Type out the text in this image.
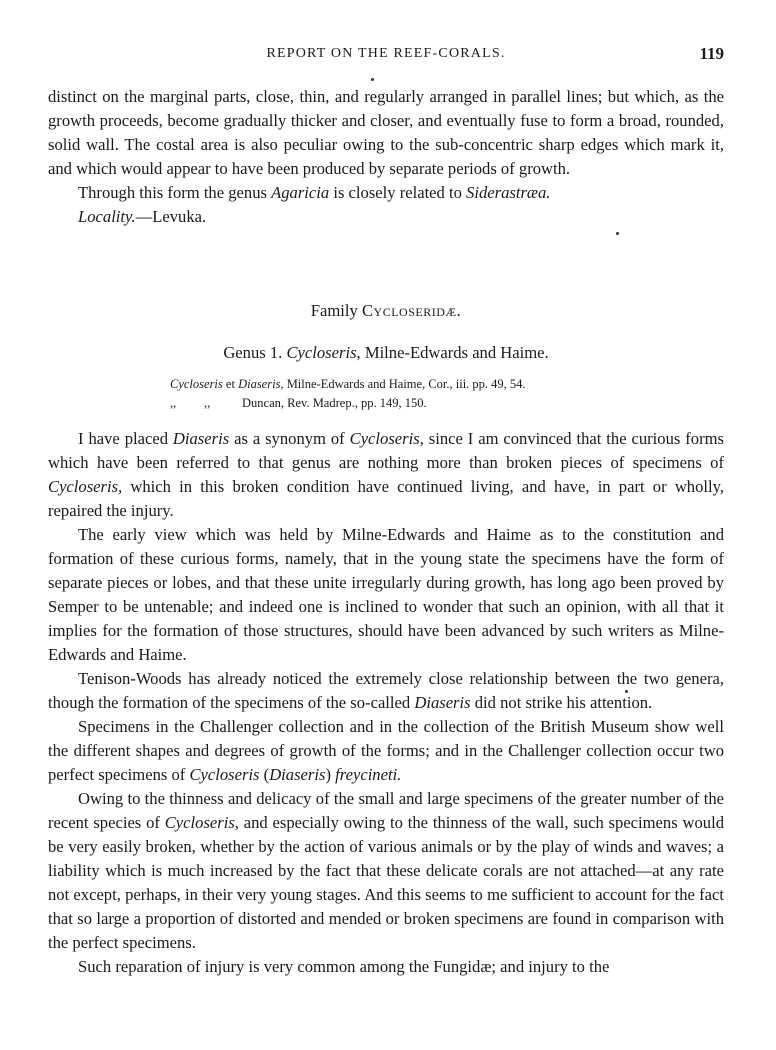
REPORT ON THE REEF-CORALS.	119

distinct on the marginal parts, close, thin, and regularly arranged in parallel lines; but which, as the growth proceeds, become gradually thicker and closer, and eventually fuse to form a broad, rounded, solid wall. The costal area is also peculiar owing to the sub-concentric sharp edges which mark it, and which would appear to have been produced by separate periods of growth.

Through this form the genus Agaricia is closely related to Siderastræa.

Locality.—Levuka.

Family Cycloseridæ.
Genus 1. Cycloseris, Milne-Edwards and Haime.
Cycloseris et Diaseris, Milne-Edwards and Haime, Cor., iii. pp. 49, 54.
,, ,,	Duncan, Rev. Madrep., pp. 149, 150.

I have placed Diaseris as a synonym of Cycloseris, since I am convinced that the curious forms which have been referred to that genus are nothing more than broken pieces of specimens of Cycloseris, which in this broken condition have continued living, and have, in part or wholly, repaired the injury.

The early view which was held by Milne-Edwards and Haime as to the constitution and formation of these curious forms, namely, that in the young state the specimens have the form of separate pieces or lobes, and that these unite irregularly during growth, has long ago been proved by Semper to be untenable; and indeed one is inclined to wonder that such an opinion, with all that it implies for the formation of those structures, should have been advanced by such writers as Milne-Edwards and Haime.

Tenison-Woods has already noticed the extremely close relationship between the two genera, though the formation of the specimens of the so-called Diaseris did not strike his attention.

Specimens in the Challenger collection and in the collection of the British Museum show well the different shapes and degrees of growth of the forms; and in the Challenger collection occur two perfect specimens of Cycloseris (Diaseris) freycineti.

Owing to the thinness and delicacy of the small and large specimens of the greater number of the recent species of Cycloseris, and especially owing to the thinness of the wall, such specimens would be very easily broken, whether by the action of various animals or by the play of winds and waves; a liability which is much increased by the fact that these delicate corals are not attached—at any rate not except, perhaps, in their very young stages. And this seems to me sufficient to account for the fact that so large a proportion of distorted and mended or broken specimens are found in comparison with the perfect specimens.

Such reparation of injury is very common among the Fungidæ; and injury to the
